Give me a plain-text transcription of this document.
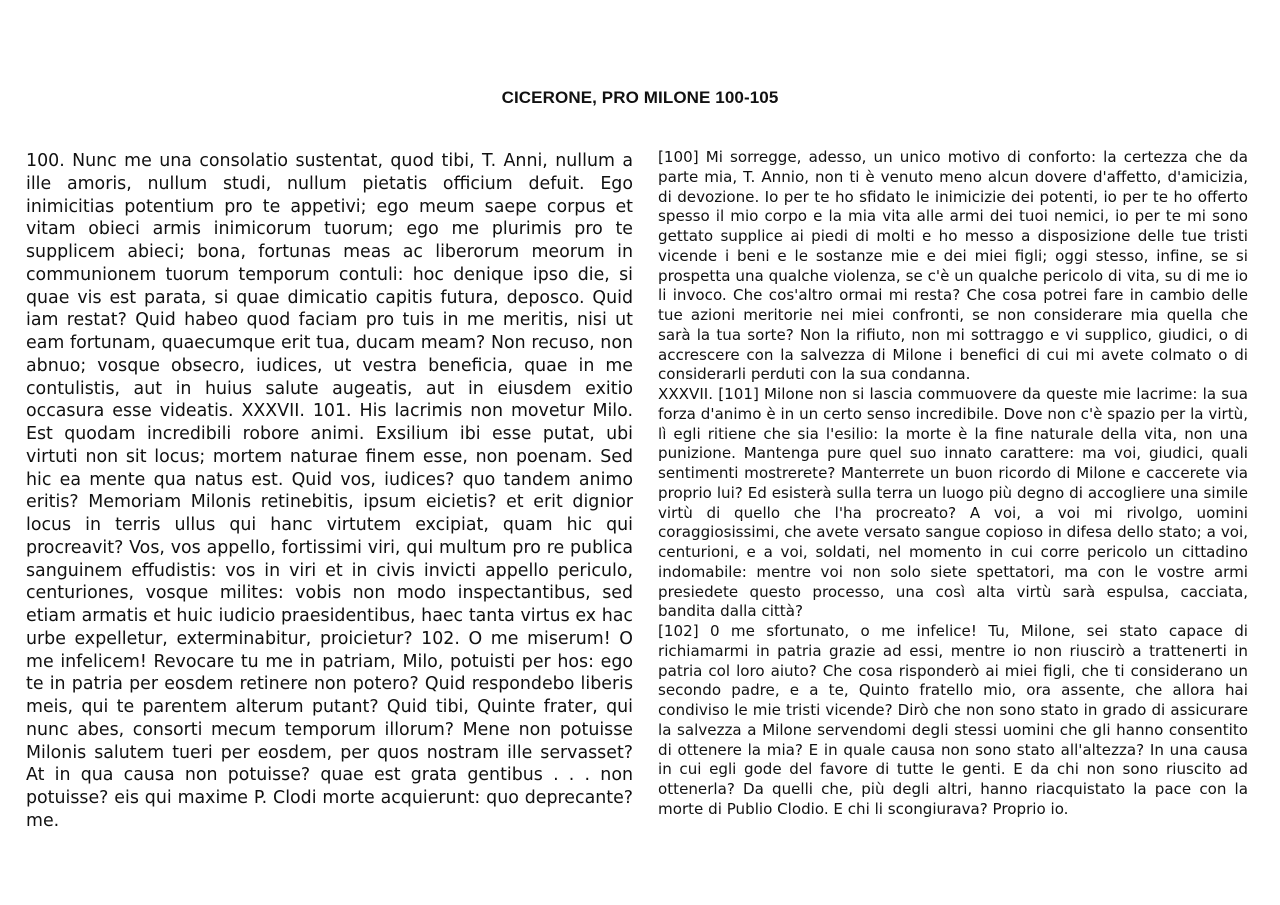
CICERONE, PRO MILONE 100-105

100. Nunc me una consolatio sustentat, quod tibi, T. Anni, nullum a ille amoris, nullum studi, nullum pietatis officium defuit. Ego inimicitias potentium pro te appetivi; ego meum saepe corpus et vitam obieci armis inimicorum tuorum; ego me plurimis pro te supplicem abieci; bona, fortunas meas ac liberorum meorum in communionem tuorum temporum contuli: hoc denique ipso die, si quae vis est parata, si quae dimicatio capitis futura, deposco. Quid iam restat? Quid habeo quod faciam pro tuis in me meritis, nisi ut eam fortunam, quaecumque erit tua, ducam meam? Non recuso, non abnuo; vosque obsecro, iudices, ut vestra beneficia, quae in me contulistis, aut in huius salute augeatis, aut in eiusdem exitio occasura esse videatis. XXXVII. 101. His lacrimis non movetur Milo. Est quodam incredibili robore animi. Exsilium ibi esse putat, ubi virtuti non sit locus; mortem naturae finem esse, non poenam. Sed hic ea mente qua natus est. Quid vos, iudices? quo tandem animo eritis? Memoriam Milonis retinebitis, ipsum eicietis? et erit dignior locus in terris ullus qui hanc virtutem excipiat, quam hic qui procreavit? Vos, vos appello, fortissimi viri, qui multum pro re publica sanguinem effudistis: vos in viri et in civis invicti appello periculo, centuriones, vosque milites: vobis non modo inspectantibus, sed etiam armatis et huic iudicio praesidentibus, haec tanta virtus ex hac urbe expelletur, exterminabitur, proicietur? 102. O me miserum! O me infelicem! Revocare tu me in patriam, Milo, potuisti per hos: ego te in patria per eosdem retinere non potero? Quid respondebo liberis meis, qui te parentem alterum putant? Quid tibi, Quinte frater, qui nunc abes, consorti mecum temporum illorum? Mene non potuisse Milonis salutem tueri per eosdem, per quos nostram ille servasset? At in qua causa non potuisse? quae est grata gentibus . . . non potuisse? eis qui maxime P. Clodi morte acquierunt: quo deprecante? me.

[100] Mi sorregge, adesso, un unico motivo di conforto: la certezza che da parte mia, T. Annio, non ti è venuto meno alcun dovere d'affetto, d'amicizia, di devozione. Io per te ho sfidato le inimicizie dei potenti, io per te ho offerto spesso il mio corpo e la mia vita alle armi dei tuoi nemici, io per te mi sono gettato supplice ai piedi di molti e ho messo a disposizione delle tue tristi vicende i beni e le sostanze mie e dei miei figli; oggi stesso, infine, se si prospetta una qualche violenza, se c'è un qualche pericolo di vita, su di me io li invoco. Che cos'altro ormai mi resta? Che cosa potrei fare in cambio delle tue azioni meritorie nei miei confronti, se non considerare mia quella che sarà la tua sorte? Non la rifiuto, non mi sottraggo e vi supplico, giudici, o di accrescere con la salvezza di Milone i benefici di cui mi avete colmato o di considerarli perduti con la sua condanna.

XXXVII. [101] Milone non si lascia commuovere da queste mie lacrime: la sua forza d'animo è in un certo senso incredibile. Dove non c'è spazio per la virtù, lì egli ritiene che sia l'esilio: la morte è la fine naturale della vita, non una punizione. Mantenga pure quel suo innato carattere: ma voi, giudici, quali sentimenti mostrerete? Manterrete un buon ricordo di Milone e caccerete via proprio lui? Ed esisterà sulla terra un luogo più degno di accogliere una simile virtù di quello che l'ha procreato? A voi, a voi mi rivolgo, uomini coraggiosissimi, che avete versato sangue copioso in difesa dello stato; a voi, centurioni, e a voi, soldati, nel momento in cui corre pericolo un cittadino indomabile: mentre voi non solo siete spettatori, ma con le vostre armi presiedete questo processo, una così alta virtù sarà espulsa, cacciata, bandita dalla città?

[102] 0 me sfortunato, o me infelice! Tu, Milone, sei stato capace di richiamarmi in patria grazie ad essi, mentre io non riuscirò a trattenerti in patria col loro aiuto? Che cosa risponderò ai miei figli, che ti considerano un secondo padre, e a te, Quinto fratello mio, ora assente, che allora hai condiviso le mie tristi vicende? Dirò che non sono stato in grado di assicurare la salvezza a Milone servendomi degli stessi uomini che gli hanno consentito di ottenere la mia? E in quale causa non sono stato all'altezza? In una causa in cui egli gode del favore di tutte le genti. E da chi non sono riuscito ad ottenerla? Da quelli che, più degli altri, hanno riacquistato la pace con la morte di Publio Clodio. E chi li scongiurava? Proprio io.
